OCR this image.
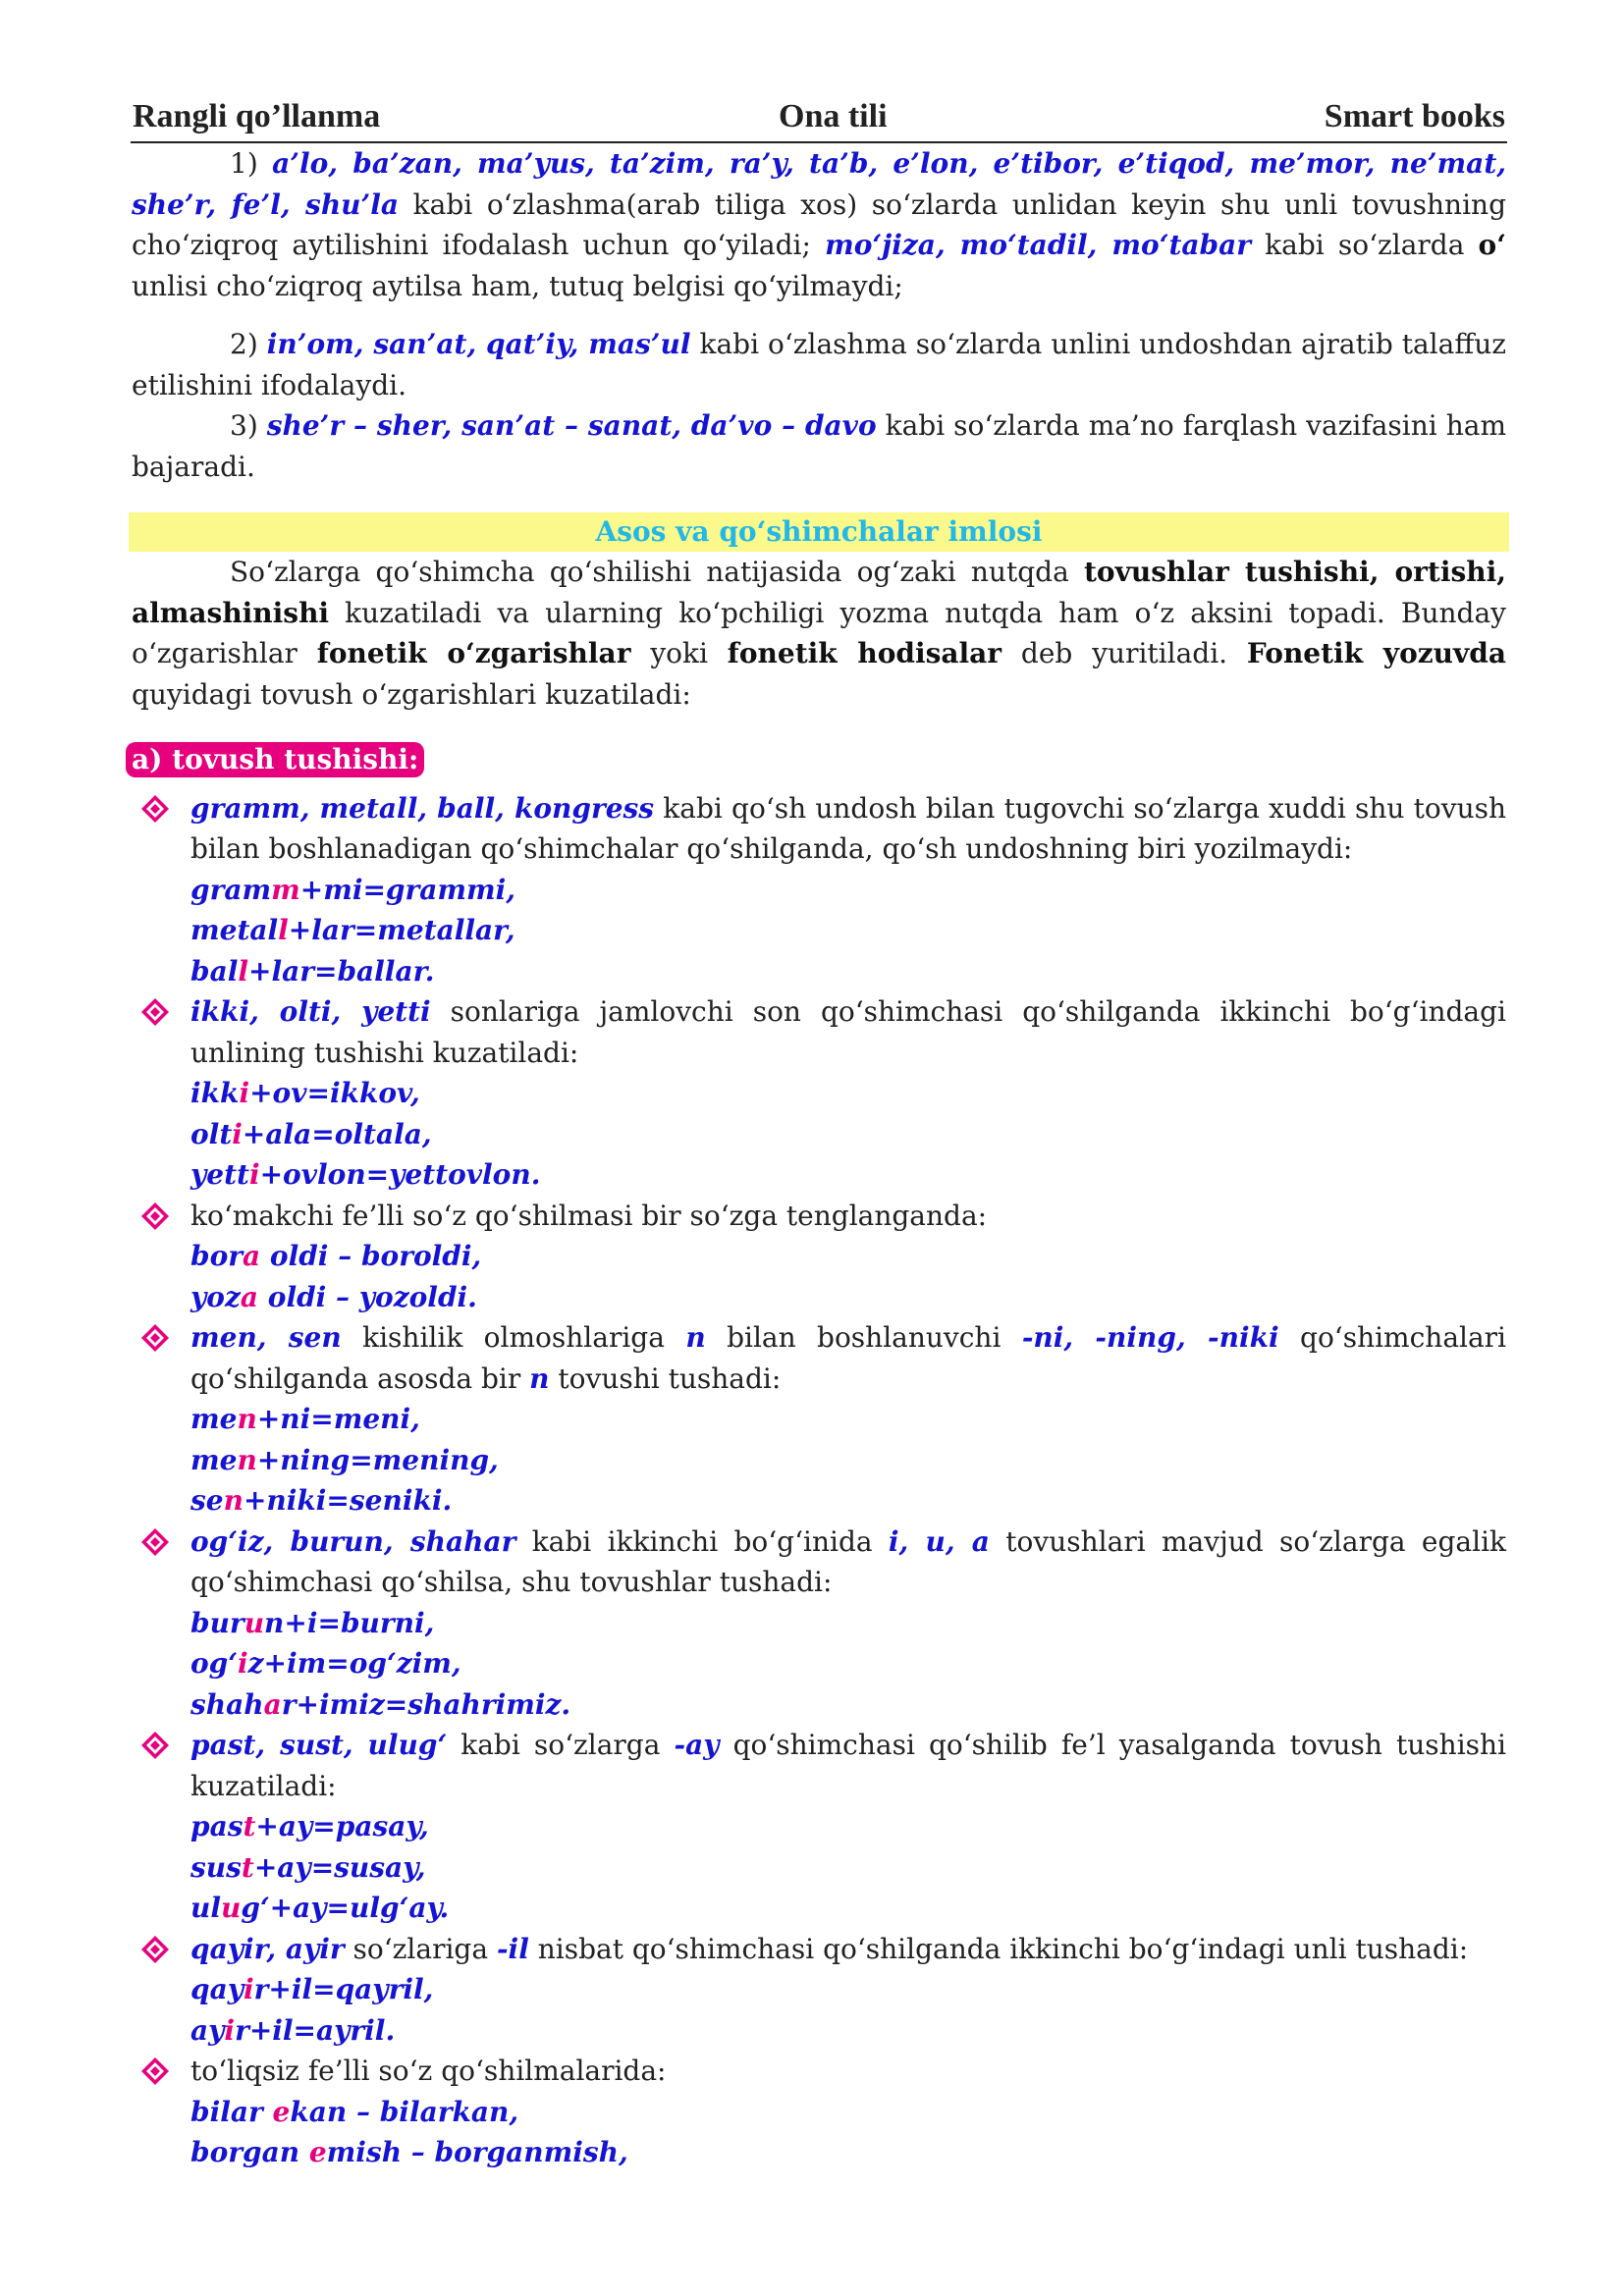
Rangli qo’llanma	Ona tili	Smart books

1) a’lo, ba’zan, ma’yus, ta’zim, ra’y, ta’b, e’lon, e’tibor, e’tiqod, me’mor, ne’mat, she’r, fe’l, shu’la kabi o‘zlashma(arab tiliga xos) so‘zlarda unlidan keyin shu unli tovushning cho‘ziqroq aytilishini ifodalash uchun qo‘yiladi; mo‘jiza, mo‘tadil, mo‘tabar kabi so‘zlarda o‘ unlisi cho‘ziqroq aytilsa ham, tutuq belgisi qo‘yilmaydi;

2) in’om, san’at, qat’iy, mas’ul kabi o‘zlashma so‘zlarda unlini undoshdan ajratib talaffuz etilishini ifodalaydi.

3) she’r – sher, san’at – sanat, da’vo – davo kabi so‘zlarda ma’no farqlash vazifasini ham bajaradi.

Asos va qo‘shimchalar imlosi

So‘zlarga qo‘shimcha qo‘shilishi natijasida og‘zaki nutqda tovushlar tushishi, ortishi, almashinishi kuzatiladi va ularning ko‘pchiligi yozma nutqda ham o‘z aksini topadi. Bunday o‘zgarishlar fonetik o‘zgarishlar yoki fonetik hodisalar deb yuritiladi. Fonetik yozuvda quyidagi tovush o‘zgarishlari kuzatiladi:

a) tovush tushishi:

gramm, metall, ball, kongress kabi qo‘sh undosh bilan tugovchi so‘zlarga xuddi shu tovush bilan boshlanadigan qo‘shimchalar qo‘shilganda, qo‘sh undoshning biri yozilmaydi:

gramm+mi=grammi,
metall+lar=metallar,
ball+lar=ballar.

ikki, olti, yetti sonlariga jamlovchi son qo‘shimchasi qo‘shilganda ikkinchi bo‘g‘indagi unlining tushishi kuzatiladi:

ikki+ov=ikkov,
olti+ala=oltala,
yetti+ovlon=yettovlon.

ko‘makchi fe’lli so‘z qo‘shilmasi bir so‘zga tenglanganda:

bora oldi – boroldi,
yoza oldi – yozoldi.

men, sen kishilik olmoshlariga n bilan boshlanuvchi -ni, -ning, -niki qo‘shimchalari qo‘shilganda asosda bir n tovushi tushadi:

men+ni=meni,
men+ning=mening,
sen+niki=seniki.

og‘iz, burun, shahar kabi ikkinchi bo‘g‘inida i, u, a tovushlari mavjud so‘zlarga egalik qo‘shimchasi qo‘shilsa, shu tovushlar tushadi:

burun+i=burni,
og‘iz+im=og‘zim,
shahar+imiz=shahrimiz.

past, sust, ulug‘ kabi so‘zlarga -ay qo‘shimchasi qo‘shilib fe’l yasalganda tovush tushishi kuzatiladi:

past+ay=pasay,
sust+ay=susay,
ulug‘+ay=ulg‘ay.

qayir, ayir so‘zlariga -il nisbat qo‘shimchasi qo‘shilganda ikkinchi bo‘g‘indagi unli tushadi:

qayir+il=qayril,
ayir+il=ayril.

to‘liqsiz fe’lli so‘z qo‘shilmalarida:

bilar ekan – bilarkan,
borgan emish – borganmish,
